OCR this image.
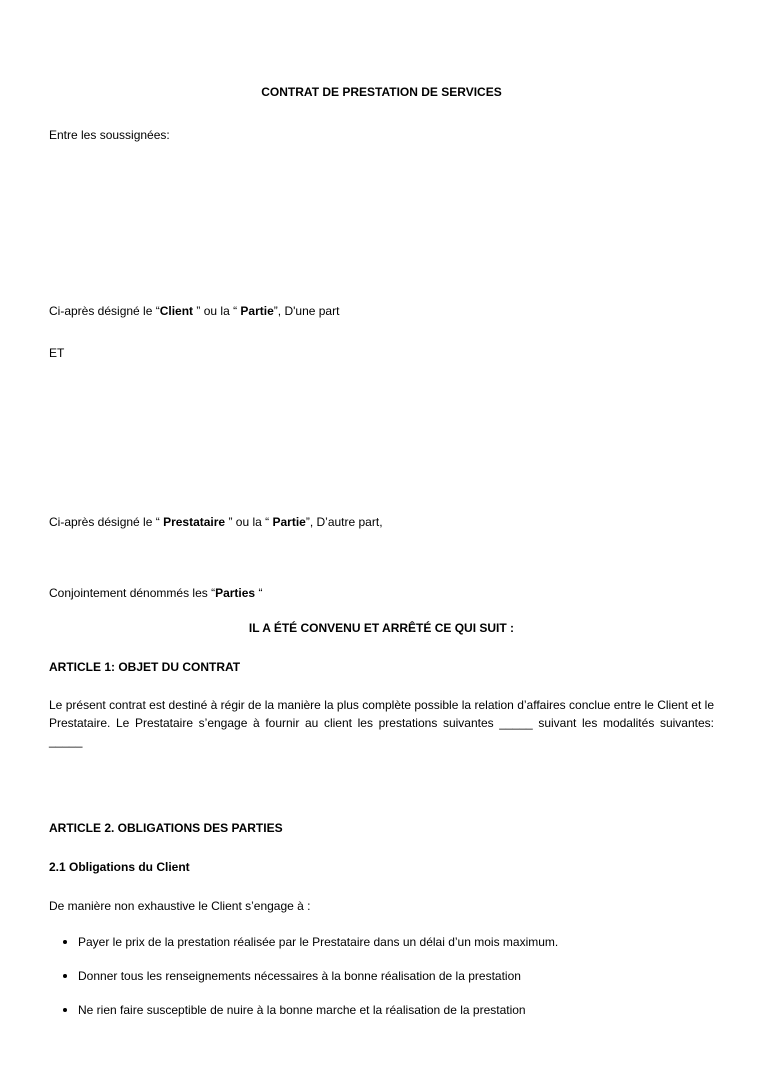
CONTRAT DE PRESTATION DE SERVICES

Entre les soussignées:

Ci-après désigné le “Client ” ou la “ Partie”, D'une part

ET

Ci-après désigné le “ Prestataire ” ou la “ Partie”, D’autre part,

Conjointement dénommés les “Parties “

IL A ÉTÉ CONVENU ET ARRÊTÉ CE QUI SUIT :

ARTICLE 1: OBJET DU CONTRAT

Le présent contrat est destiné à régir de la manière la plus complète possible la relation d’affaires conclue entre le Client et le Prestataire. Le Prestataire s’engage à fournir au client les prestations suivantes _____ suivant les modalités suivantes: _____

ARTICLE 2. OBLIGATIONS DES PARTIES

2.1 Obligations du Client

De manière non exhaustive le Client s’engage à :

Payer le prix de la prestation réalisée par le Prestataire dans un délai d’un mois maximum.
Donner tous les renseignements nécessaires à la bonne réalisation de la prestation
Ne rien faire susceptible de nuire à la bonne marche et la réalisation de la prestation
